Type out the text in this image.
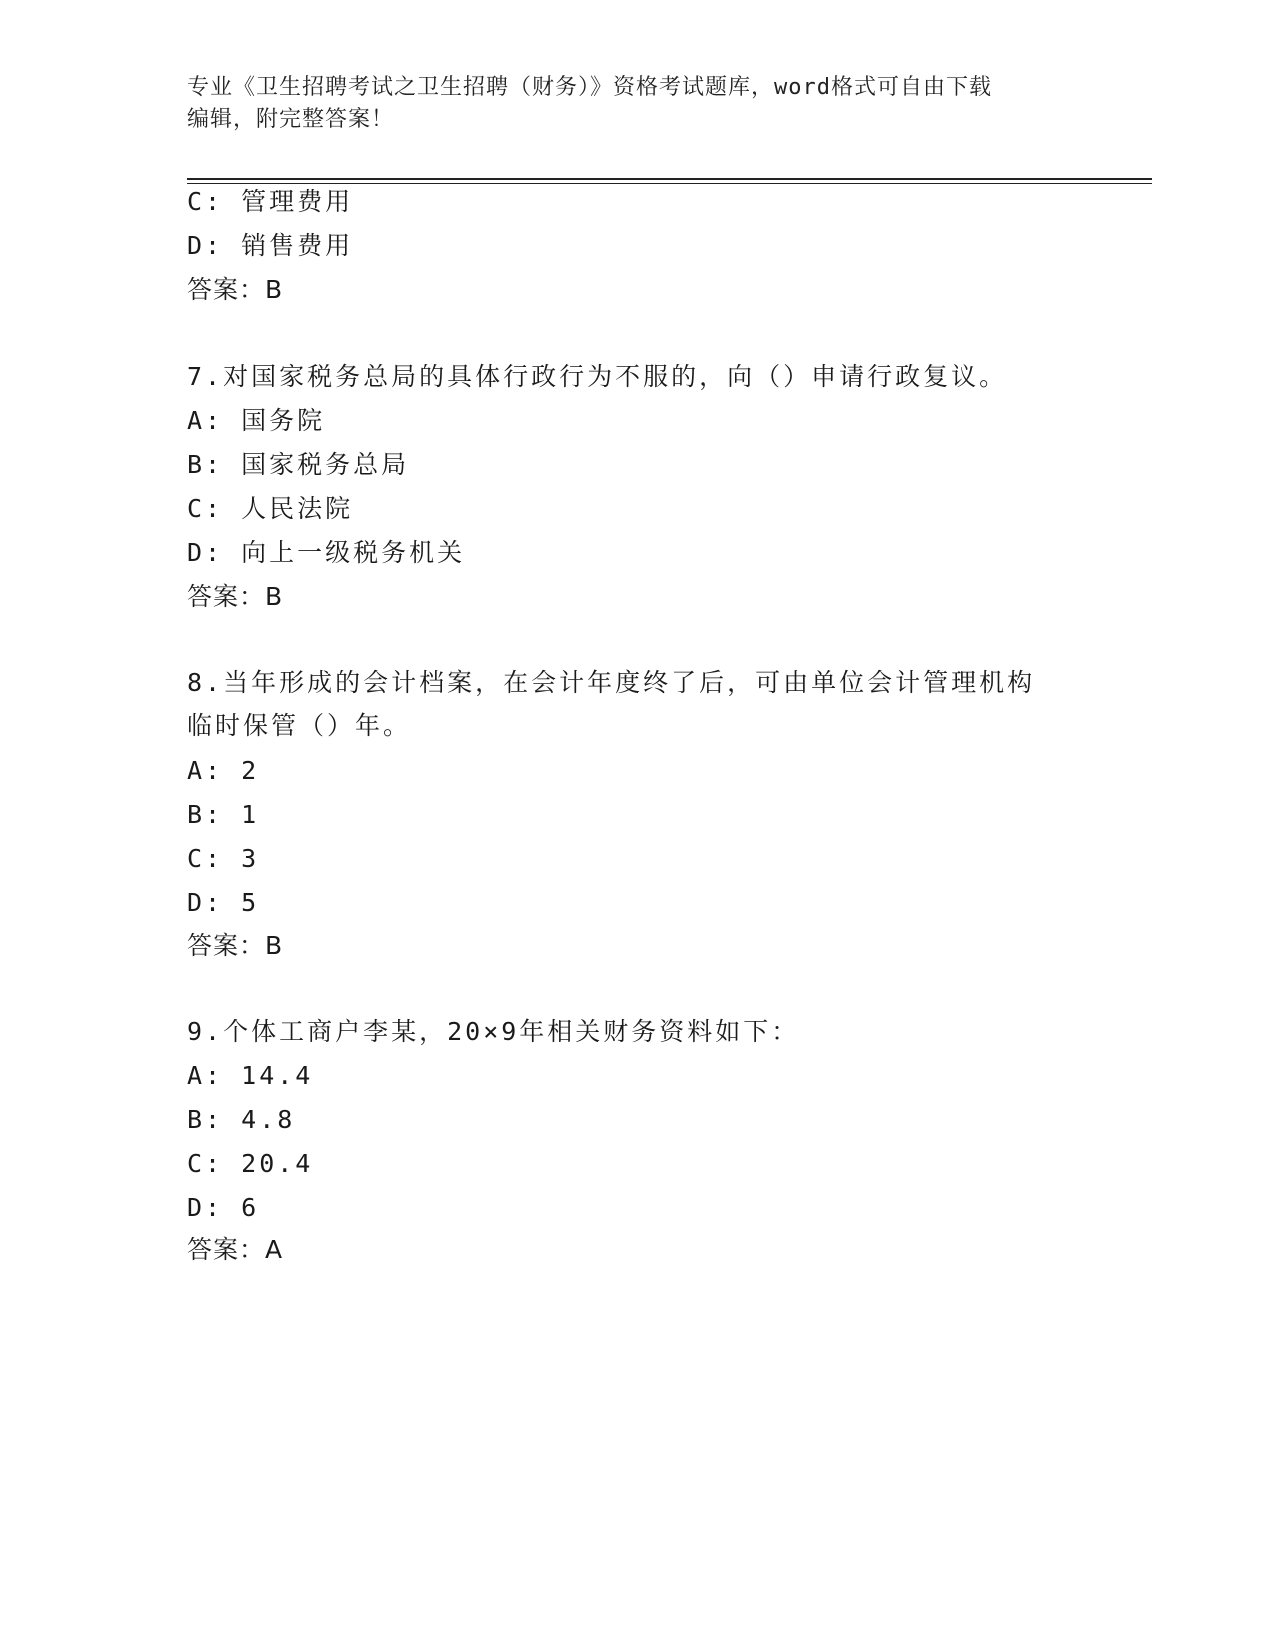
专业《卫生招聘考试之卫生招聘（财务）》资格考试题库，word格式可自由下载
编辑，附完整答案！
C: 管理费用
D: 销售费用
答案：B
7.对国家税务总局的具体行政行为不服的，向（）申请行政复议。
A: 国务院
B: 国家税务总局
C: 人民法院
D: 向上一级税务机关
答案：B
8.当年形成的会计档案，在会计年度终了后，可由单位会计管理机构
临时保管（）年。
A: 2
B: 1
C: 3
D: 5
答案：B
9.个体工商户李某，20×9年相关财务资料如下：
A: 14.4
B: 4.8
C: 20.4
D: 6
答案：A
